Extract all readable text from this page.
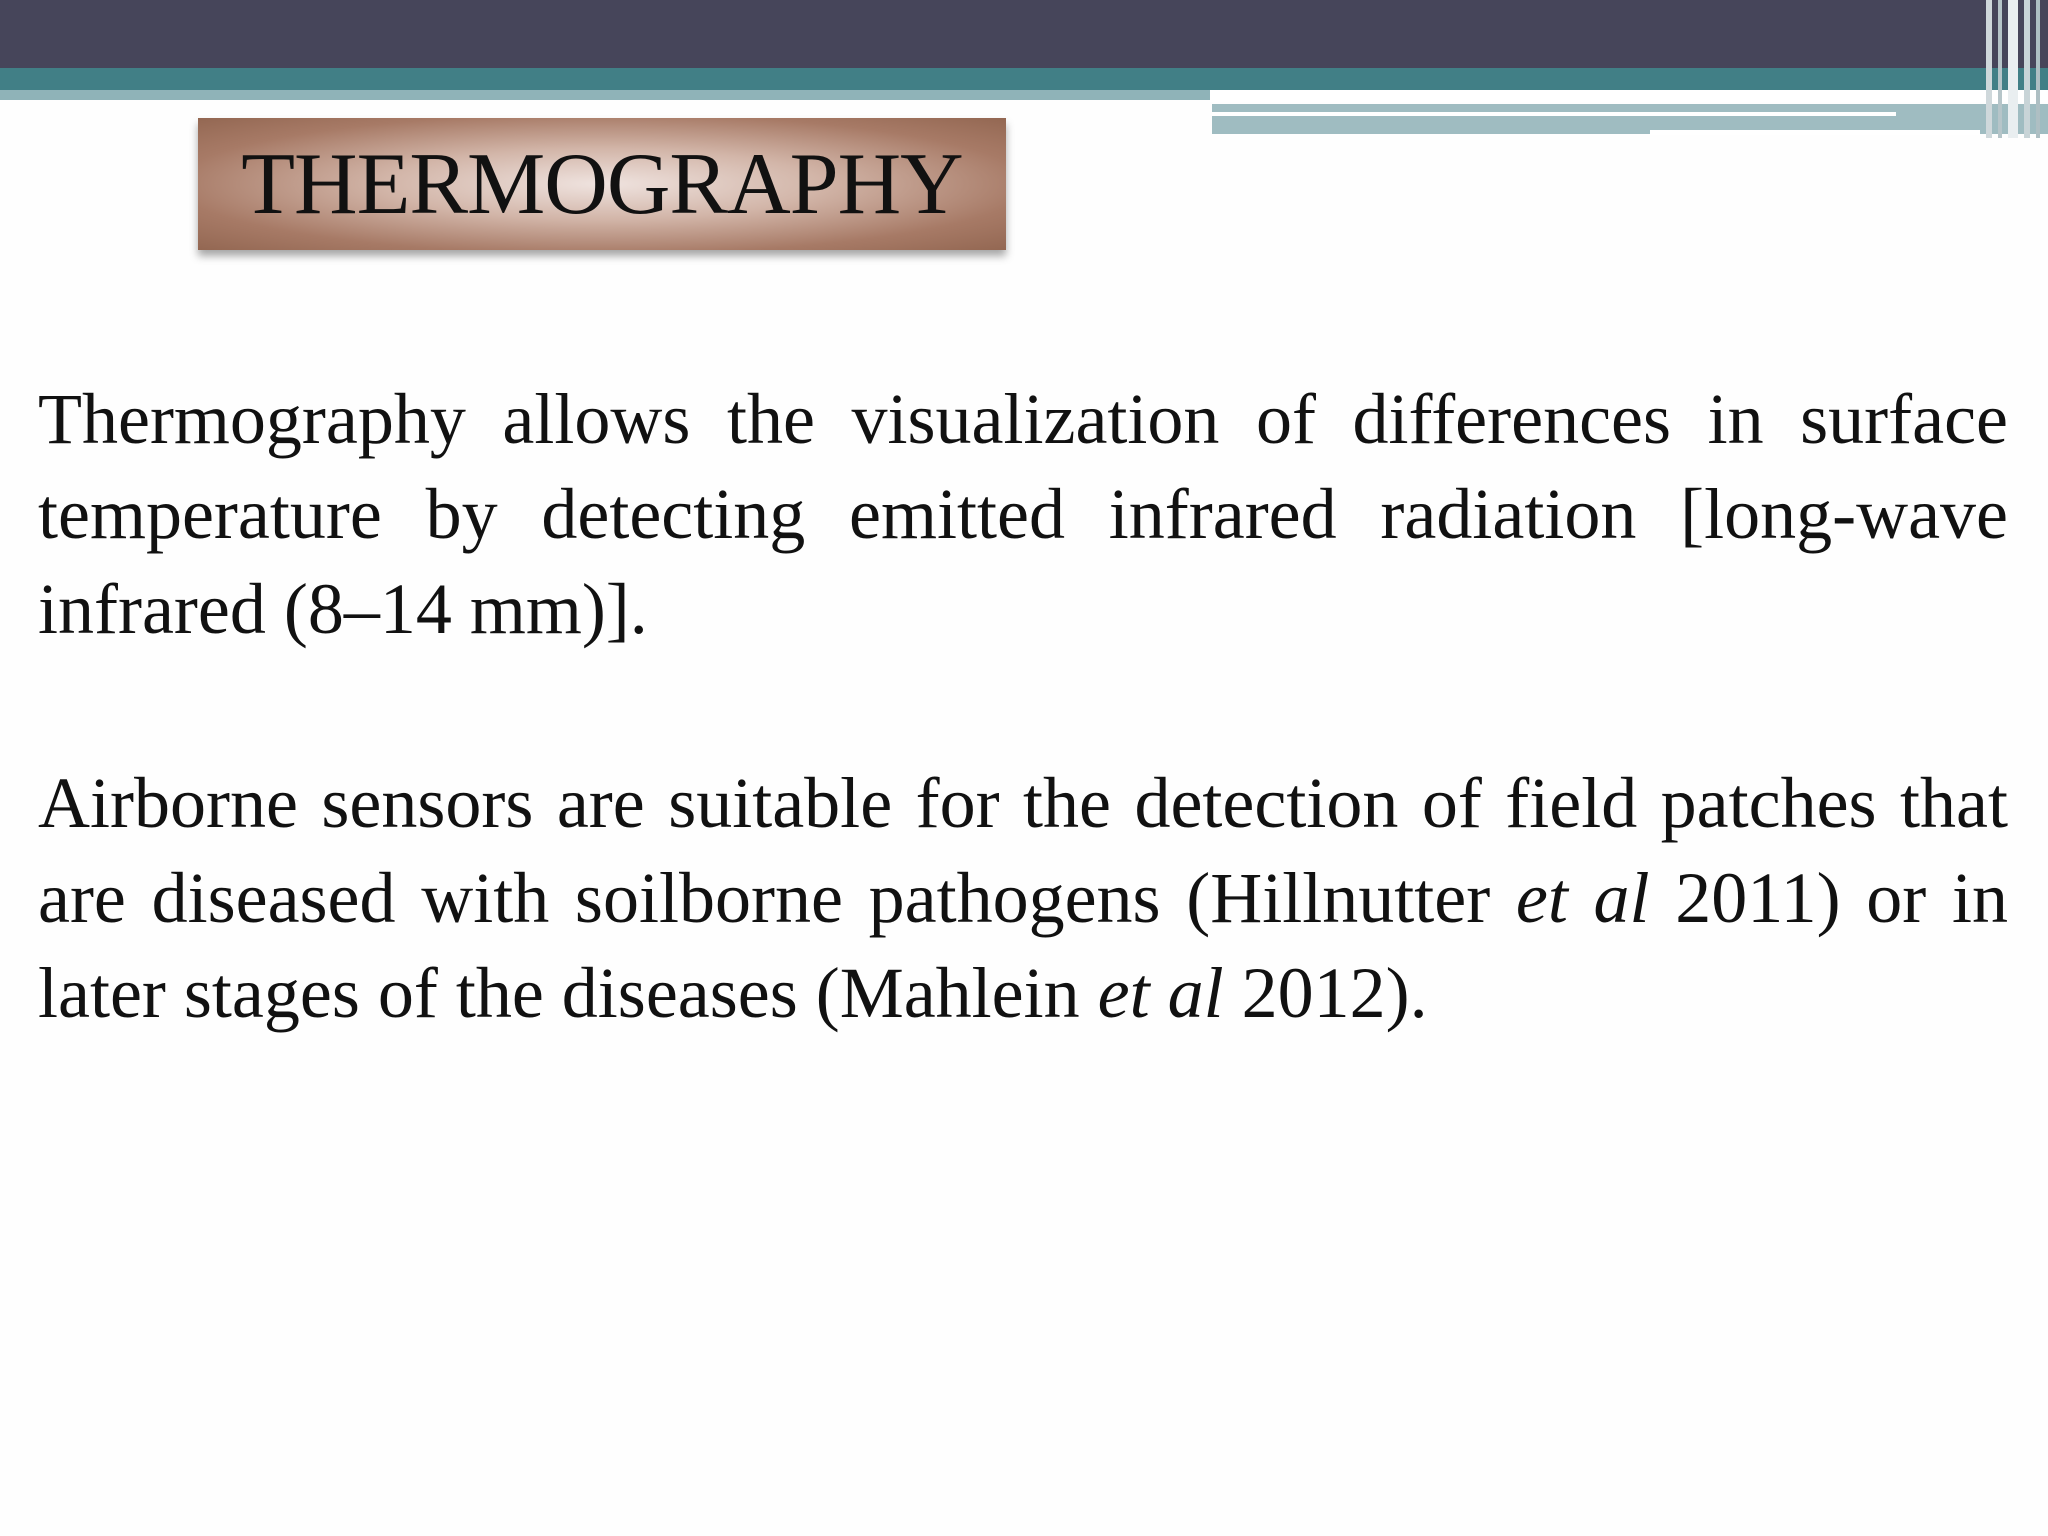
THERMOGRAPHY

Thermography allows the visualization of differences in surface temperature by detecting emitted infrared radiation [long-wave infrared (8–14 mm)].

Airborne sensors are suitable for the detection of field patches that are diseased with soilborne pathogens (Hillnutter et al 2011) or in later stages of the diseases (Mahlein et al 2012).
